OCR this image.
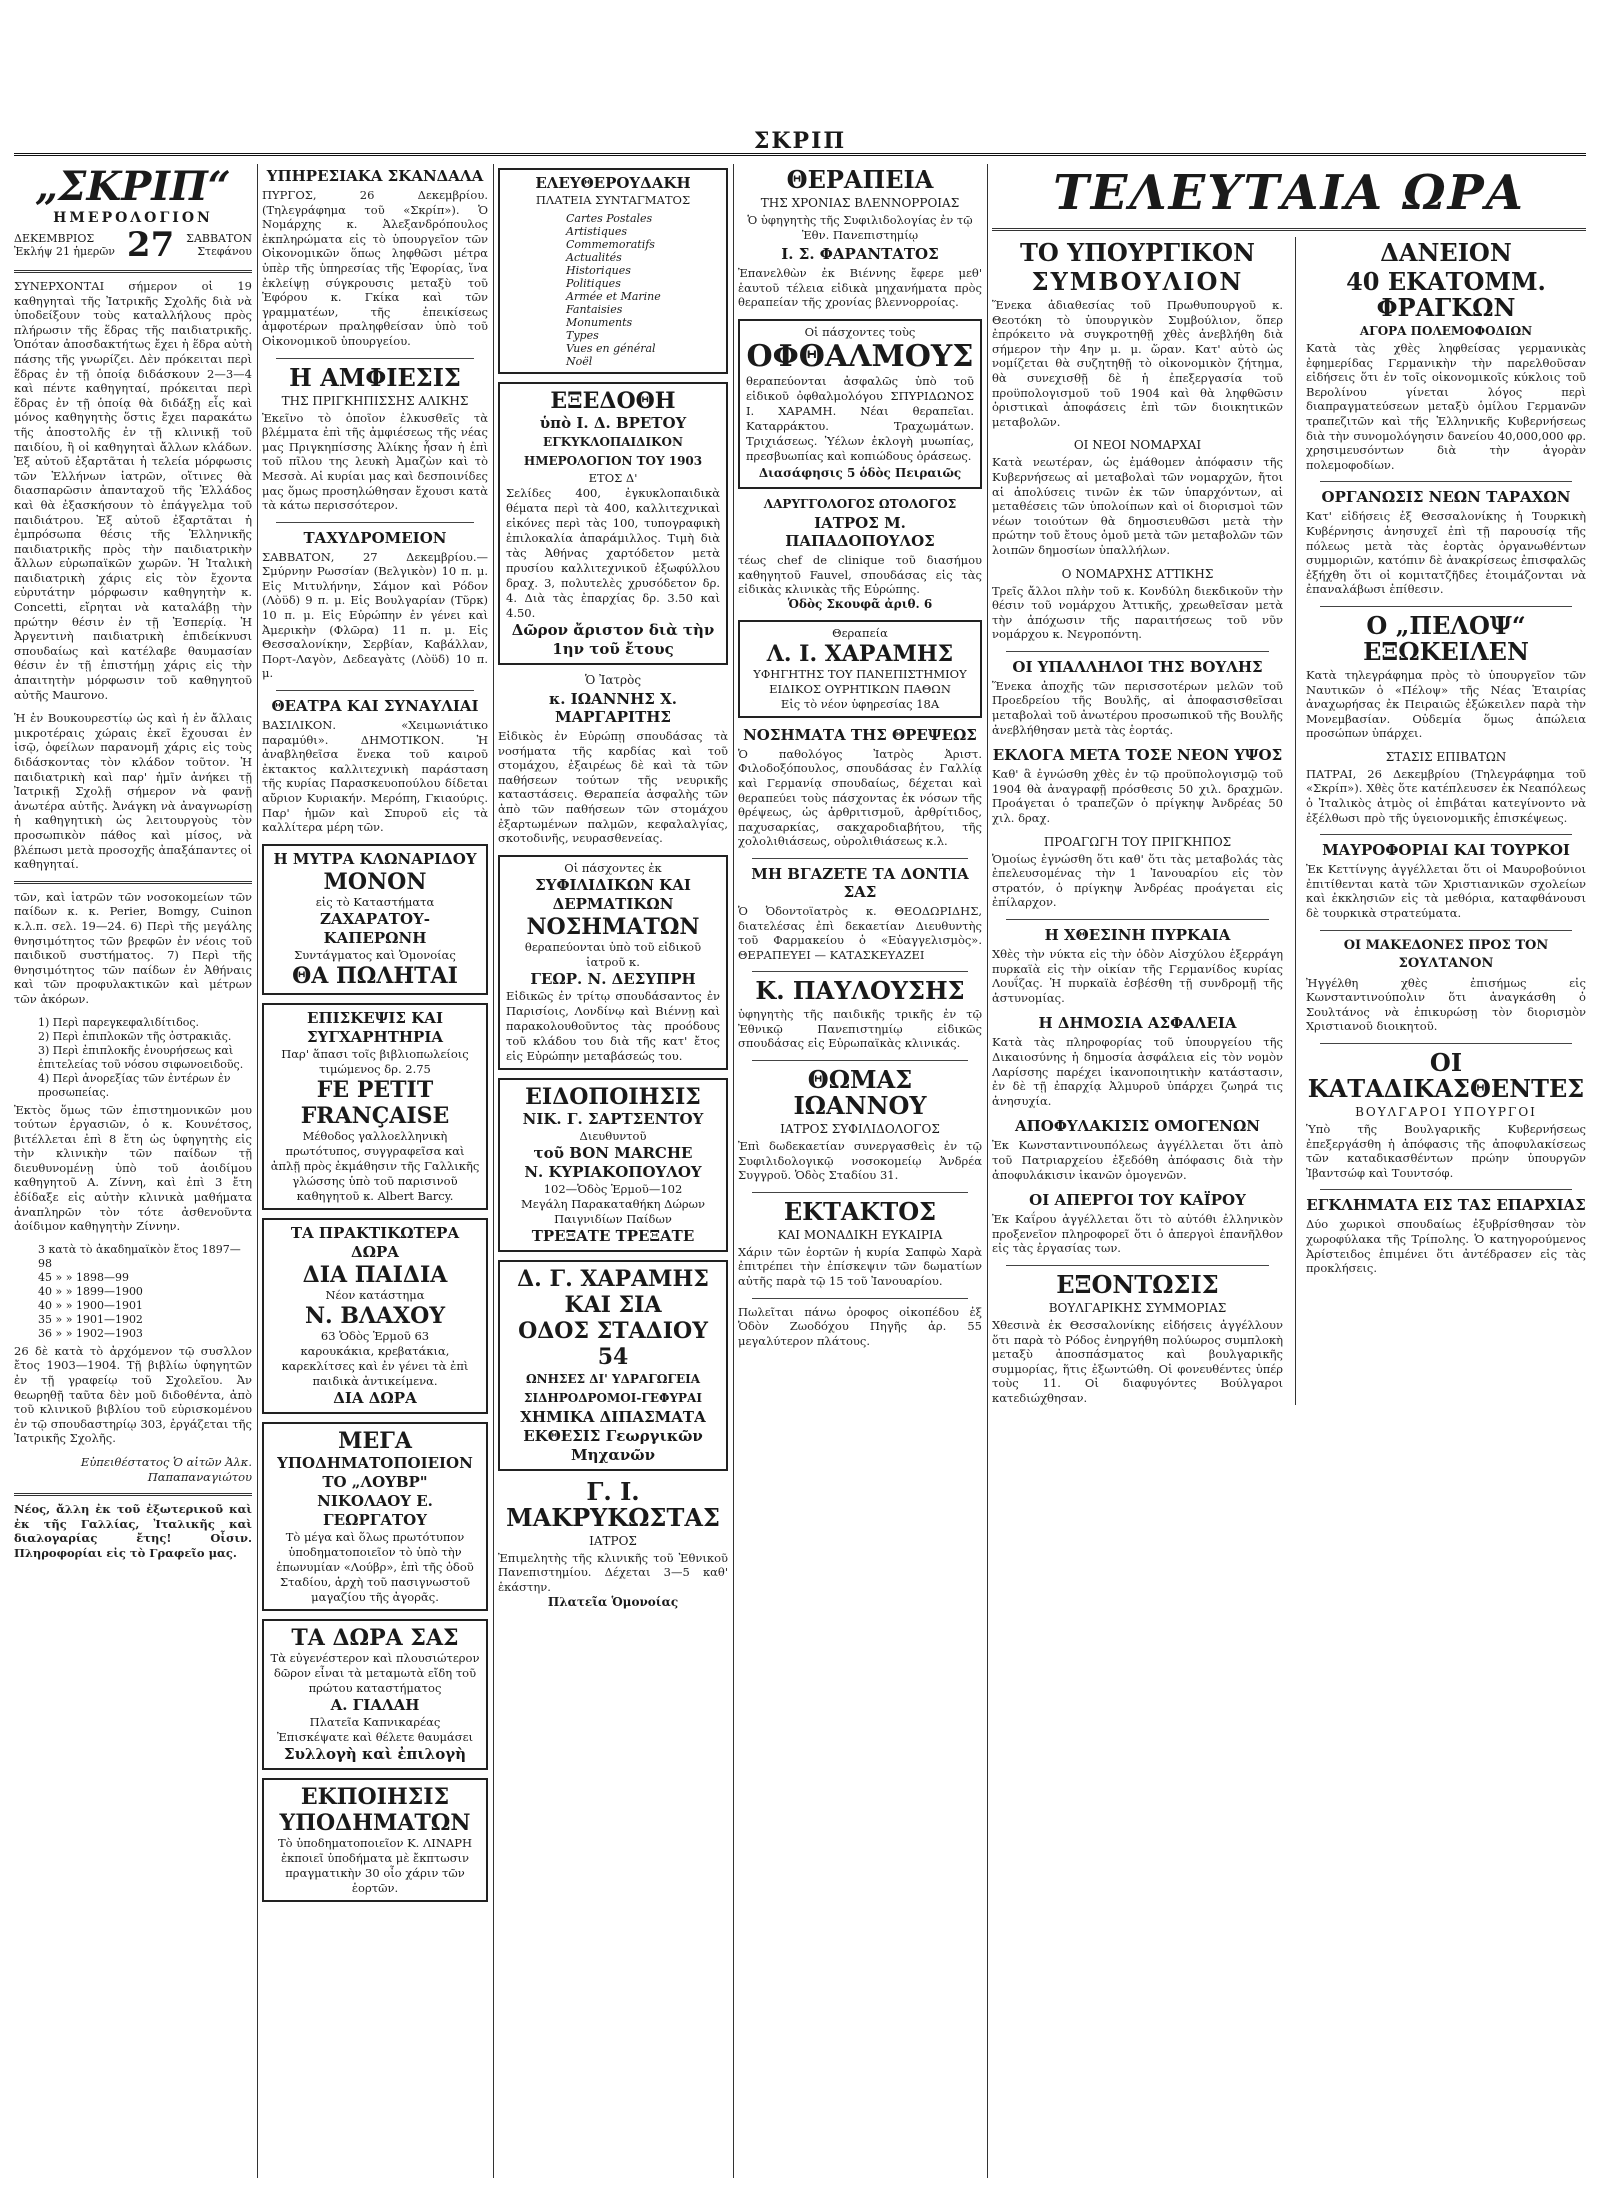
ΣΚΡΙΠ
„ΣΚΡΙΠ“
ΗΜΕΡΟΛΟΓΙΟΝ
ΔΕΚΕΜΒΡΙΟΣ
Ἐκλήψ 21 ἡμερῶν 27 ΣΑΒΒΑΤΟΝ
Στεφάνου

ΣΥΝΕΡΧΟΝΤΑΙ σήμερον οἱ 19 καθηγηταὶ τῆς Ἰατρικῆς Σχολῆς διὰ νὰ ὑποδείξουν τοὺς καταλλήλους πρὸς πλήρωσιν τῆς ἕδρας τῆς παιδιατρικῆς. Ὁπόταν ἀποσδακτήτως ἔχει ἡ ἕδρα αὐτὴ πάσης τῆς γνωρίζει. Δὲν πρόκειται περὶ ἕδρας ἐν τῇ ὁποίᾳ διδάσκουν 2—3—4 καὶ πέντε καθηγηταί, πρόκειται περὶ ἕδρας ἐν τῇ ὁποίᾳ θὰ διδάξῃ εἷς καὶ μόνος καθηγητὴς ὅστις ἔχει παρακάτω τῆς ἀποστολῆς ἐν τῇ κλινικῇ τοῦ παιδίου, ἢ οἱ καθηγηταὶ ἄλλων κλάδων. Ἐξ αὐτοῦ ἐξαρτᾶται ἡ τελεία μόρφωσις τῶν Ἑλλήνων ἰατρῶν, οἵτινες θὰ διασπαρῶσιν ἀπανταχοῦ τῆς Ἑλλάδος καὶ θὰ ἐξασκήσουν τὸ ἐπάγγελμα τοῦ παιδιάτρου. Ἐξ αὐτοῦ ἐξαρτᾶται ἡ ἐμπρόσωπα θέσις τῆς Ἑλληνικῆς παιδιατρικῆς πρὸς τὴν παιδιατρικὴν ἄλλων εὐρωπαϊκῶν χωρῶν. Ἡ Ἰταλικὴ παιδιατρικὴ χάρις εἰς τὸν ἔχοντα εὐρυτάτην μόρφωσιν καθηγητὴν κ. Concetti, εἴρηται νὰ καταλάβῃ τὴν πρώτην θέσιν ἐν τῇ Ἑσπερίᾳ. Ἡ Ἀργεντινὴ παιδιατρικὴ ἐπιδείκνυσι σπουδαίως καὶ κατέλαβε θαυμασίαν θέσιν ἐν τῇ ἐπιστήμῃ χάρις εἰς τὴν ἀπαιτητὴν μόρφωσιν τοῦ καθηγητοῦ αὐτῆς Mauroνο.

Ἡ ἐν Βουκουρεστίῳ ὡς καὶ ἡ ἐν ἄλλαις μικροτέραις χώραις ἐκεῖ ἔχουσαι ἐν ἰσῷ, ὀφείλων παρανομῆ χάρις εἰς τοὺς διδάσκοντας τὸν κλάδον τοῦτον. Ἡ παιδιατρικὴ καὶ παρ' ἡμῖν ἀνήκει τῇ Ἰατρικῇ Σχολῇ σήμερον νὰ φανῇ ἀνωτέρα αὐτῆς. Ἀνάγκη νὰ ἀναγνωρίσῃ ἡ καθηγητικὴ ὡς λειτουργοὺς τὸν προσωπικὸν πάθος καὶ μίσος, νὰ βλέπωσι μετὰ προσοχῆς ἀπαξάπαντες οἱ καθηγηταί.

τῶν, καὶ ἰατρῶν τῶν νοσοκομείων τῶν παίδων κ. κ. Perier, Bomgy, Cuinon κ.λ.π. σελ. 19—24. 6) Περὶ τῆς μεγάλης θνησιμότητος τῶν βρεφῶν ἐν νέοις τοῦ παιδικοῦ συστήματος. 7) Περὶ τῆς θνησιμότητος τῶν παίδων ἐν Ἀθήναις καὶ τῶν προφυλακτικῶν καὶ μέτρων τῶν ἀκόρων.

1) Περὶ παρεγκεφαλιδίτιδος.
2) Περὶ ἐπιπλοκῶν τῆς ὀστρακιᾶς.
3) Περὶ ἐπιπλοκῆς ἐνουρήσεως καὶ ἐπιτελείας τοῦ νόσου σιφωνοειδοῦς.
4) Περὶ ἀνορεξίας τῶν ἐντέρων ἐν προσωπείας.

Ἐκτὸς ὅμως τῶν ἐπιστημονικῶν μου τούτων ἐργασιῶν, ὁ κ. Κουνέτσος, βιτέλλεται ἐπὶ 8 ἔτη ὡς ὑφηγητὴς εἰς τὴν κλινικὴν τῶν παίδων τῇ διευθυνομένῃ ὑπὸ τοῦ ἀοιδίμου καθηγητοῦ Α. Ζίννη, καὶ ἐπὶ 3 ἔτη ἐδίδαξε εἰς αὐτὴν κλινικὰ μαθήματα ἀναπληρῶν τὸν τότε ἀσθενοῦντα ἀοίδιμον καθηγητὴν Ζίννην.

3 κατὰ τὸ ἀκαδημαϊκὸν ἔτος 1897—98
45 » » 1898—99
40 » » 1899—1900
40 » » 1900—1901
35 » » 1901—1902
36 » » 1902—1903

26 δὲ κατὰ τὸ ἀρχόμενον τῷ συσλλον ἔτος 1903—1904. Τῇ βιβλίω ὑφηγητῶν ἐν τῇ γραφείῳ τοῦ Σχολεῖου. Ἀν θεωρηθῇ ταῦτα δὲν μοῦ διδοθέντα, ἀπὸ τοῦ κλινικοῦ βιβλίου τοῦ εὑρισκομένου ἐν τῷ σπουδαστηρίῳ 303, ἐργάζεται τῆς Ἰατρικῆς Σχολῆς.

Εὐπειθέστατος Ὁ αἰτῶν Ἀλκ. Παπαπαναγιώτου

Νέος, ἄλλη ἐκ τοῦ ἐξωτερικοῦ καὶ ἐκ τῆς Γαλλίας, Ἰταλικῆς καὶ διαλογαρίας ἔτης! Οἶσιν. Πληροφορίαι εἰς τὸ Γραφεῖο μας.

ΥΠΗΡΕΣΙΑΚΑ ΣΚΑΝΔΑΛΑ

ΠΥΡΓΟΣ, 26 Δεκεμβρίου. (Τηλεγράφημα τοῦ «Σκρίπ»). Ὁ Νομάρχης κ. Ἀλεξανδρόπουλος ἐκπληρώματα εἰς τὸ ὑπουργεῖον τῶν Οἰκονομικῶν ὅπως ληφθῶσι μέτρα ὑπὲρ τῆς ὑπηρεσίας τῆς Ἐφορίας, ἵνα ἐκλείψῃ σύγκρουσις μεταξὺ τοῦ Ἐφόρου κ. Γκίκα καὶ τῶν γραμματέων, τῆς ἐπεικίσεως ἀμφοτέρων πραληφθείσαν ὑπὸ τοῦ Οἰκονομικοῦ ὑπουργείου.

Η ΑΜΦΙΕΣΙΣ
ΤΗΣ ΠΡΙΓΚΗΠΙΣΣΗΣ ΑΛΙΚΗΣ

Ἐκεῖνο τὸ ὁποῖον ἐλκυσθεῖς τὰ βλέμματα ἐπὶ τῆς ἀμφιέσεως τῆς νέας μας Πριγκηπίσσης Ἀλίκης ἦσαν ἡ ἐπὶ τοῦ πῖλου της λευκὴ Ἀμαζὼν καὶ τὸ Μεσσὰ. Αἱ κυρίαι μας καὶ δεσποινίδες μας ὅμως προσηλώθησαν ἔχουσι κατὰ τὰ κάτω περισσότερον.

ΤΑΧΥΔΡΟΜΕΙΟΝ

ΣΑΒΒΑΤΟΝ, 27 Δεκεμβρίου.—Σμύρνην Ρωσσίαν (Βελγικὸν) 10 π. μ. Εἰς Μιτυλήνην, Σάμον καὶ Ρόδον (Λὸϋδ) 9 π. μ. Εἰς Βουλγαρίαν (Τῦρκ) 10 π. μ. Εἰς Εὐρώπην ἐν γένει καὶ Ἀμερικὴν (Φλῶρα) 11 π. μ. Εἰς Θεσσαλονίκην, Σερβίαν, Καβάλλαν, Πορτ-Λαγὸν, Δεδεαγὰτς (Λὸϋδ) 10 π. μ.

ΘΕΑΤΡΑ ΚΑΙ ΣΥΝΑΥΛΙΑΙ

ΒΑΣΙΛΙΚΟΝ. «Χειμωνιάτικο παραμύθι». ΔΗΜΟΤΙΚΟΝ. Ἡ ἀναβληθεῖσα ἕνεκα τοῦ καιροῦ ἐκτακτος καλλιτεχνικὴ παράσταση τῆς κυρίας Παρασκευοπούλου δίδεται αὔριον Κυριακήν. Μερόπη, Γκιαούρις. Παρ' ἡμῶν καὶ Σπυροῦ εἰς τὰ καλλίτερα μέρη τῶν.

Η ΜΥΤΡΑ ΚΛΩΝΑΡΙΔΟΥ
ΜΟΝΟΝ
εἰς τὸ Καταστήματα
ΖΑΧΑΡΑΤΟΥ-ΚΑΠΕΡΩΝΗ
Συντάγματος καὶ Ὁμονοίας
ΘΑ ΠΩΛΗΤΑΙ
ΕΠΙΣΚΕΨΙΣ ΚΑΙ ΣΥΓΧΑΡΗΤΗΡΙΑ
Παρ' ἅπασι τοῖς βιβλιοπωλείοις τιμώμενος δρ. 2.75
FE PETIT FRANÇAISE
Μέθοδος γαλλοελληνικὴ πρωτότυπος, συγγραφεῖσα καὶ ἀπλῇ πρὸς ἐκμάθησιν τῆς Γαλλικῆς γλώσσης ὑπὸ τοῦ παρισινοῦ καθηγητοῦ κ. Albert Barcy.
ΤΑ ΠΡΑΚΤΙΚΩΤΕΡΑ ΔΩΡΑ
ΔΙΑ ΠΑΙΔΙΑ
Νέον κατάστημα
Ν. ΒΛΑΧΟΥ
63 Ὁδὸς Ἑρμοῦ 63
καρουκάκια, κρεβατάκια, καρεκλίτσες καὶ ἐν γένει τὰ ἐπὶ παιδικὰ ἀντικείμενα.
ΔΙΑ ΔΩΡΑ
ΜΕΓΑ
ΥΠΟΔΗΜΑΤΟΠΟΙΕΙΟΝ
ΤΟ „ΛΟΥΒΡ"
ΝΙΚΟΛΑΟΥ Ε. ΓΕΩΡΓΑΤΟΥ
Τὸ μέγα καὶ ὅλως πρωτότυπον ὑποδηματοποιεῖον τὸ ὑπὸ τὴν ἐπωνυμίαν «Λούβρ», ἐπὶ τῆς ὁδοῦ Σταδίου, ἀρχὴ τοῦ πασιγνωστοῦ μαγαζίου τῆς ἀγορᾶς.
ΤΑ ΔΩΡΑ ΣΑΣ
Τὰ εὐγενέστερον καὶ πλουσιώτερον δῶρον εἶναι τὰ μεταμωτὰ εἴδη τοῦ πρώτου καταστήματος
Α. ΓΙΑΛΑΗ
Πλατεῖα Καπνικαρέας
Ἐπισκέψατε καὶ θέλετε θαυμάσει
Συλλογὴ καὶ ἐπιλογὴ
ΕΚΠΟΙΗΣΙΣ
ΥΠΟΔΗΜΑΤΩΝ
Τὸ ὑποδηματοποιεῖον Κ. ΛΙΝΑΡΗ ἐκποιεῖ ὑποδήματα μὲ ἔκπτωσιν πραγματικὴν 30 οἷο χάριν τῶν ἑορτῶν.
ΕΛΕΥΘΕΡΟΥΔΑΚΗ
ΠΛΑΤΕΙΑ ΣΥΝΤΑΓΜΑΤΟΣ
Cartes Postales
Artistiques
Commemoratifs
Actualités
Historiques
Politiques
Armée et Marine
Fantaisies
Monuments
Types
Vues en général
Noël
ΕΞΕΔΟΘΗ
ὑπὸ Ι. Δ. ΒΡΕΤΟΥ
ΕΓΚΥΚΛΟΠΑΙΔΙΚΟΝ ΗΜΕΡΟΛΟΓΙΟΝ ΤΟΥ 1903
ΕΤΟΣ Δ'
Σελίδες 400, ἐγκυκλοπαιδικὰ θέματα περὶ τὰ 400, καλλιτεχνικαὶ εἰκόνες περὶ τὰς 100, τυπογραφικὴ ἐπιλοκαλία ἀπαράμιλλος. Τιμὴ διὰ τὰς Ἀθήνας χαρτόδετον μετὰ πρυσίου καλλιτεχνικοῦ ἐξωφύλλου δραχ. 3, πολυτελὲς χρυσόδετον δρ. 4. Διὰ τὰς ἐπαρχίας δρ. 3.50 καὶ 4.50.
Δῶρον ἄριστον διὰ τὴν 1ην τοῦ ἔτους
Ὁ Ἰατρὸς
κ. ΙΩΑΝΝΗΣ Χ. ΜΑΡΓΑΡΙΤΗΣ

Εἰδικὸς ἐν Εὐρώπῃ σπουδάσας τὰ νοσήματα τῆς καρδίας καὶ τοῦ στομάχου, ἐξαιρέως δὲ καὶ τὰ τῶν παθήσεων τούτων τῆς νευρικῆς καταστάσεις. Θεραπεία ἀσφαλὴς τῶν ἀπὸ τῶν παθήσεων τῶν στομάχου ἐξαρτωμένων παλμῶν, κεφαλαλγίας, σκοτοδινῆς, νευρασθενείας.

Οἱ πάσχοντες ἐκ
ΣΥΦΙΛΙΔΙΚΩΝ ΚΑΙ ΔΕΡΜΑΤΙΚΩΝ
ΝΟΣΗΜΑΤΩΝ
θεραπεύονται ὑπὸ τοῦ εἰδικοῦ ἰατροῦ κ.
ΓΕΩΡ. Ν. ΔΕΣΥΠΡΗ
Εἰδικῶς ἐν τρίτῳ σπουδάσαντος ἐν Παρισίοις, Λονδίνῳ καὶ Βιέννῃ καὶ παρακολουθοῦντος τὰς προόδους τοῦ κλάδου του διὰ τῆς κατ' ἔτος εἰς Εὐρώπην μεταβάσεώς του.
ΕΙΔΟΠΟΙΗΣΙΣ
ΝΙΚ. Γ. ΣΑΡΤΣΕΝΤΟΥ
Διευθυντοῦ
τοῦ BON MARCHE
Ν. ΚΥΡΙΑΚΟΠΟΥΛΟΥ
102—Ὁδὸς Ἑρμοῦ—102
Μεγάλη Παρακαταθήκη Δώρων Παιγνιδίων Παίδων
ΤΡΕΞΑΤΕ ΤΡΕΞΑΤΕ
Δ. Γ. ΧΑΡΑΜΗΣ ΚΑΙ ΣΙΑ
ΟΔΟΣ ΣΤΑΔΙΟΥ 54
ΩΝΗΣΕΣ ΔΙ' ΥΔΡΑΓΩΓΕΙΑ ΣΙΔΗΡΟΔΡΟΜΟΙ-ΓΕΦΥΡΑΙ
ΧΗΜΙΚΑ ΔΙΠΑΣΜΑΤΑ
ΕΚΘΕΣΙΣ Γεωργικῶν Μηχανῶν
Γ. Ι. ΜΑΚΡΥΚΩΣΤΑΣ
ΙΑΤΡΟΣ

Ἐπιμελητὴς τῆς κλινικῆς τοῦ Ἐθνικοῦ Πανεπιστημίου. Δέχεται 3—5 καθ' ἑκάστην.

Πλατεῖα Ὁμονοίας
ΘΕΡΑΠΕΙΑ
ΤΗΣ ΧΡΟΝΙΑΣ ΒΛΕΝΝΟΡΡΟΙΑΣ

Ὁ ὑφηγητὴς τῆς Συφιλιδολογίας ἐν τῷ Ἐθν. Πανεπιστημίῳ

Ι. Σ. ΦΑΡΑΝΤΑΤΟΣ

Ἐπανελθὼν ἐκ Βιέννης ἔφερε μεθ' ἑαυτοῦ τέλεια εἰδικὰ μηχανήματα πρὸς θεραπείαν τῆς χρονίας βλεννορροίας.

Οἱ πάσχοντες τοὺς
ΟΦΘΑΛΜΟΥΣ
θεραπεύονται ἀσφαλῶς ὑπὸ τοῦ εἰδικοῦ ὀφθαλμολόγου ΣΠΥΡΙΔΩΝΟΣ Ι. ΧΑΡΑΜΗ. Νέαι θεραπεῖαι. Καταρράκτου. Τραχωμάτων. Τριχιάσεως. Ὑέλων ἐκλογὴ μυωπίας, πρεσβυωπίας καὶ κοπιώδους ὁράσεως.
Διασάφησις 5 ὁδὸς Πειραιῶς
ΛΑΡΥΓΓΟΛΟΓΟΣ ΩΤΟΛΟΓΟΣ
ΙΑΤΡΟΣ Μ. ΠΑΠΑΔΟΠΟΥΛΟΣ

τέως chef de clinique τοῦ διασήμου καθηγητοῦ Fauvel, σπουδάσας εἰς τὰς εἰδικὰς κλινικὰς τῆς Εὐρώπης.

Ὁδὸς Σκουφᾶ ἀριθ. 6
Θεραπεία
Λ. Ι. ΧΑΡΑΜΗΣ
ΥΦΗΓΗΤΗΣ ΤΟΥ ΠΑΝΕΠΙΣΤΗΜΙΟΥ ΕΙΔΙΚΟΣ ΟΥΡΗΤΙΚΩΝ ΠΑΘΩΝ
Εἰς τὸ νέον ὑφηρεσίας 18Α
ΝΟΣΗΜΑΤΑ ΤΗΣ ΘΡΕΨΕΩΣ

Ὁ παθολόγος Ἰατρὸς Ἀριστ. Φιλοδοξόπουλος, σπουδάσας ἐν Γαλλίᾳ καὶ Γερμανίᾳ σπουδαίως, δέχεται καὶ θεραπεύει τοὺς πάσχοντας ἐκ νόσων τῆς θρέψεως, ὡς ἀρθριτισμοῦ, ἀρθρίτιδος, παχυσαρκίας, σακχαροδιαβήτου, τῆς χολολιθιάσεως, οὐρολιθιάσεως κ.λ.

ΜΗ ΒΓΑΖΕΤΕ ΤΑ ΔΟΝΤΙΑ ΣΑΣ

Ὁ Ὀδοντοϊατρὸς κ. ΘΕΟΔΩΡΙΔΗΣ, διατελέσας ἐπὶ δεκαετίαν Διευθυντὴς τοῦ Φαρμακείου ὁ «Εὐαγγελισμὸς». ΘΕΡΑΠΕΥΕΙ — ΚΑΤΑΣΚΕΥΑΖΕΙ

Κ. ΠΑΥΛΟΥΣΗΣ

ὑφηγητὴς τῆς παιδικῆς τρικῆς ἐν τῷ Ἐθνικῷ Πανεπιστημίῳ εἰδικῶς σπουδάσας εἰς Εὐρωπαϊκὰς κλινικάς.

ΘΩΜΑΣ ΙΩΑΝΝΟΥ
ΙΑΤΡΟΣ ΣΥΦΙΛΙΔΟΛΟΓΟΣ

Ἐπὶ δωδεκαετίαν συνεργασθεὶς ἐν τῷ Συφιλιδολογικῷ νοσοκομείῳ Ἀνδρέα Συγγροῦ. Ὁδὸς Σταδίου 31.

ΕΚΤΑΚΤΟΣ
ΚΑΙ ΜΟΝΑΔΙΚΗ ΕΥΚΑΙΡΙΑ

Χάριν τῶν ἑορτῶν ἡ κυρία Σαπφὼ Χαρὰ ἐπιτρέπει τὴν ἐπίσκεψιν τῶν δωματίων αὐτῆς παρὰ τῷ 15 τοῦ Ἰανουαρίου.

Πωλεῖται πάνω ὀροφος οἰκοπέδου ἐξ Ὁδὸν Ζωοδόχου Πηγῆς ἀρ. 55 μεγαλύτερον πλάτους.

ΤΕΛΕΥΤΑΙΑ ΩΡΑ
ΤΟ ΥΠΟΥΡΓΙΚΟΝ
ΣΥΜΒΟΥΛΙΟΝ

Ἕνεκα ἀδιαθεσίας τοῦ Πρωθυπουργοῦ κ. Θεοτόκη τὸ ὑπουργικὸν Συμβούλιον, ὅπερ ἐπρόκειτο νὰ συγκροτηθῇ χθὲς ἀνεβλήθη διὰ σήμερον τὴν 4ην μ. μ. ὥραν. Κατ' αὐτὸ ὡς νομίζεται θὰ συζητηθῇ τὸ οἰκονομικὸν ζήτημα, θὰ συνεχισθῇ δὲ ἡ ἐπεξεργασία τοῦ προϋπολογισμοῦ τοῦ 1904 καὶ θὰ ληφθῶσιν ὁριστικαὶ ἀποφάσεις ἐπὶ τῶν διοικητικῶν μεταβολῶν.

ΟΙ ΝΕΟΙ ΝΟΜΑΡΧΑΙ

Κατὰ νεωτέραν, ὡς ἐμάθομεν ἀπόφασιν τῆς Κυβερνήσεως αἱ μεταβολαὶ τῶν νομαρχῶν, ἤτοι αἱ ἀπολύσεις τινῶν ἐκ τῶν ὑπαρχόντων, αἱ μεταθέσεις τῶν ὑπολοίπων καὶ οἱ διορισμοὶ τῶν νέων τοιούτων θὰ δημοσιευθῶσι μετὰ τὴν πρώτην τοῦ ἔτους ὁμοῦ μετὰ τῶν μεταβολῶν τῶν λοιπῶν δημοσίων ὑπαλλήλων.

Ο ΝΟΜΑΡΧΗΣ ΑΤΤΙΚΗΣ

Τρεῖς ἄλλοι πλὴν τοῦ κ. Κονδύλη διεκδικοῦν τὴν θέσιν τοῦ νομάρχου Ἀττικῆς, χρεωθεῖσαν μετὰ τὴν ἀπόχωσιν τῆς παραιτήσεως τοῦ νῦν νομάρχου κ. Νεγροπόντη.

ΟΙ ΥΠΑΛΛΗΛΟΙ ΤΗΣ ΒΟΥΛΗΣ

Ἕνεκα ἀποχῆς τῶν περισσοτέρων μελῶν τοῦ Προεδρείου τῆς Βουλῆς, αἱ ἀποφασισθεῖσαι μεταβολαὶ τοῦ ἀνωτέρου προσωπικοῦ τῆς Βουλῆς ἀνεβλήθησαν μετὰ τὰς ἑορτάς.

ΕΚΛΟΓΑ ΜΕΤΑ ΤΟΣΕ ΝΕΟΝ ΥΨΟΣ

Καθ' ἃ ἐγνώσθη χθὲς ἐν τῷ προϋπολογισμῷ τοῦ 1904 θὰ ἀναγραφῇ πρόσθεσις 50 χιλ. δραχμῶν. Προάγεται ὁ τραπεζῶν ὁ πρίγκηψ Ἀνδρέας 50 χιλ. δραχ.

ΠΡΟΑΓΩΓΗ ΤΟΥ ΠΡΙΓΚΗΠΟΣ

Ὁμοίως ἐγνώσθη ὅτι καθ' ὅτι τὰς μεταβολάς τὰς ἐπελευσομένας τὴν 1 Ἰανουαρίου εἰς τὸν στρατόν, ὁ πρίγκηψ Ἀνδρέας προάγεται εἰς ἐπίλαρχον.

Η ΧΘΕΣΙΝΗ ΠΥΡΚΑΙΑ

Χθὲς τὴν νύκτα εἰς τὴν ὁδὸν Αἰσχύλου ἐξερράγη πυρκαϊὰ εἰς τὴν οἰκίαν τῆς Γερμανίδος κυρίας Λουΐζας. Ἡ πυρκαϊὰ ἐσβέσθη τῇ συνδρομῇ τῆς ἀστυνομίας.

Η ΔΗΜΟΣΙΑ ΑΣΦΑΛΕΙΑ

Κατὰ τὰς πληροφορίας τοῦ ὑπουργείου τῆς Δικαιοσύνης ἡ δημοσία ἀσφάλεια εἰς τὸν νομὸν Λαρίσσης παρέχει ἱκανοποιητικὴν κατάστασιν, ἐν δὲ τῇ ἐπαρχίᾳ Ἀλμυροῦ ὑπάρχει ζωηρά τις ἀνησυχία.

ΑΠΟΦΥΛΑΚΙΣΙΣ ΟΜΟΓΕΝΩΝ

Ἐκ Κωνσταντινουπόλεως ἀγγέλλεται ὅτι ἀπὸ τοῦ Πατριαρχείου ἐξεδόθη ἀπόφασις διὰ τὴν ἀποφυλάκισιν ἱκανῶν ὁμογενῶν.

ΟΙ ΑΠΕΡΓΟΙ ΤΟΥ ΚΑΪΡΟΥ

Ἐκ Καΐρου ἀγγέλλεται ὅτι τὸ αὐτόθι ἐλληνικὸν προξενεῖον πληροφορεῖ ὅτι ὁ ἀπεργοὶ ἐπανῆλθον εἰς τὰς ἐργασίας των.

ΕΞΟΝΤΩΣΙΣ
ΒΟΥΛΓΑΡΙΚΗΣ ΣΥΜΜΟΡΙΑΣ

Χθεσινὰ ἐκ Θεσσαλονίκης εἰδήσεις ἀγγέλλουν ὅτι παρὰ τὸ Ρόδος ἐνηργήθη πολύωρος συμπλοκὴ μεταξὺ ἀποσπάσματος καὶ βουλγαρικῆς συμμορίας, ἥτις ἐξωντώθη. Οἱ φονευθέντες ὑπέρ τοὺς 11. Οἱ διαφυγόντες Βούλγαροι κατεδιώχθησαν.

ΔΑΝΕΙΟΝ
40 ΕΚΑΤΟΜΜ. ΦΡΑΓΚΩΝ
ΑΓΟΡΑ ΠΟΛΕΜΟΦΟΔΙΩΝ

Κατὰ τὰς χθὲς ληφθείσας γερμανικὰς ἐφημερίδας Γερμανικὴν τὴν παρελθοῦσαν εἰδήσεις ὅτι ἐν τοῖς οἰκονομικοῖς κύκλοις τοῦ Βερολίνου γίνεται λόγος περὶ διαπραγματεύσεων μεταξὺ ὁμίλου Γερμανῶν τραπεζιτῶν καὶ τῆς Ἑλληνικῆς Κυβερνήσεως διὰ τὴν συνομολόγησιν δανείου 40,000,000 φρ. χρησιμευσόντων διὰ τὴν ἀγορὰν πολεμοφοδίων.

ΟΡΓΑΝΩΣΙΣ ΝΕΩΝ ΤΑΡΑΧΩΝ

Κατ' εἰδήσεις ἐξ Θεσσαλονίκης ἡ Τουρκικὴ Κυβέρνησις ἀνησυχεῖ ἐπὶ τῇ παρουσίᾳ τῆς πόλεως μετὰ τὰς ἑορτὰς ὀργανωθέντων συμμοριῶν, κατόπιν δὲ ἀνακρίσεως ἐπισφαλῶς ἐξήχθη ὅτι οἱ κομιτατζῆδες ἑτοιμάζονται νὰ ἐπαναλάβωσι ἐπίθεσιν.

Ο „ΠΕΛΟΨ“ ΕΞΩΚΕΙΛΕΝ

Κατὰ τηλεγράφημα πρὸς τὸ ὑπουργεῖον τῶν Ναυτικῶν ὁ «Πέλοψ» τῆς Νέας Ἑταιρίας ἀναχωρήσας ἐκ Πειραιῶς ἐξώκειλεν παρὰ τὴν Μονεμβασίαν. Οὐδεμία ὅμως ἀπώλεια προσώπων ὑπάρχει.

ΣΤΑΣΙΣ ΕΠΙΒΑΤΩΝ

ΠΑΤΡΑΙ, 26 Δεκεμβρίου (Τηλεγράφημα τοῦ «Σκρίπ»). Χθὲς ὅτε κατέπλευσεν ἐκ Νεαπόλεως ὁ Ἰταλικὸς ἀτμὸς οἱ ἐπιβάται κατεγίνοντο νὰ ἐξέλθωσι πρὸ τῆς ὑγειονομικῆς ἐπισκέψεως.

ΜΑΥΡΟΦΟΡΙΑΙ ΚΑΙ ΤΟΥΡΚΟΙ

Ἐκ Κεττίνγης ἀγγέλλεται ὅτι οἱ Μαυροβούνιοι ἐπιτίθενται κατὰ τῶν Χριστιανικῶν σχολείων καὶ ἐκκλησιῶν εἰς τὰ μεθόρια, καταφθάνουσι δὲ τουρκικὰ στρατεύματα.

ΟΙ ΜΑΚΕΔΟΝΕΣ ΠΡΟΣ ΤΟΝ ΣΟΥΛΤΑΝΟΝ

Ἠγγέλθη χθὲς ἐπισήμως εἰς Κωνσταντινούπολιν ὅτι ἀναγκάσθη ὁ Σουλτάνος νὰ ἐπικυρώσῃ τὸν διορισμὸν Χριστιανοῦ διοικητοῦ.

ΟΙ ΚΑΤΑΔΙΚΑΣΘΕΝΤΕΣ
ΒΟΥΛΓΑΡΟΙ ΥΠΟΥΡΓΟΙ

Ὑπὸ τῆς Βουλγαρικῆς Κυβερνήσεως ἐπεξεργάσθη ἡ ἀπόφασις τῆς ἀποφυλακίσεως τῶν καταδικασθέντων πρώην ὑπουργῶν Ἰβαντσώφ καὶ Τουντσόφ.

ΕΓΚΛΗΜΑΤΑ ΕΙΣ ΤΑΣ ΕΠΑΡΧΙΑΣ

Δύο χωρικοὶ σπουδαίως ἐξυβρίσθησαν τὸν χωροφύλακα τῆς Τρίπολης. Ὁ κατηγορούμενος Ἀρίστειδος ἐπιμένει ὅτι ἀντέδρασεν εἰς τὰς προκλήσεις.
